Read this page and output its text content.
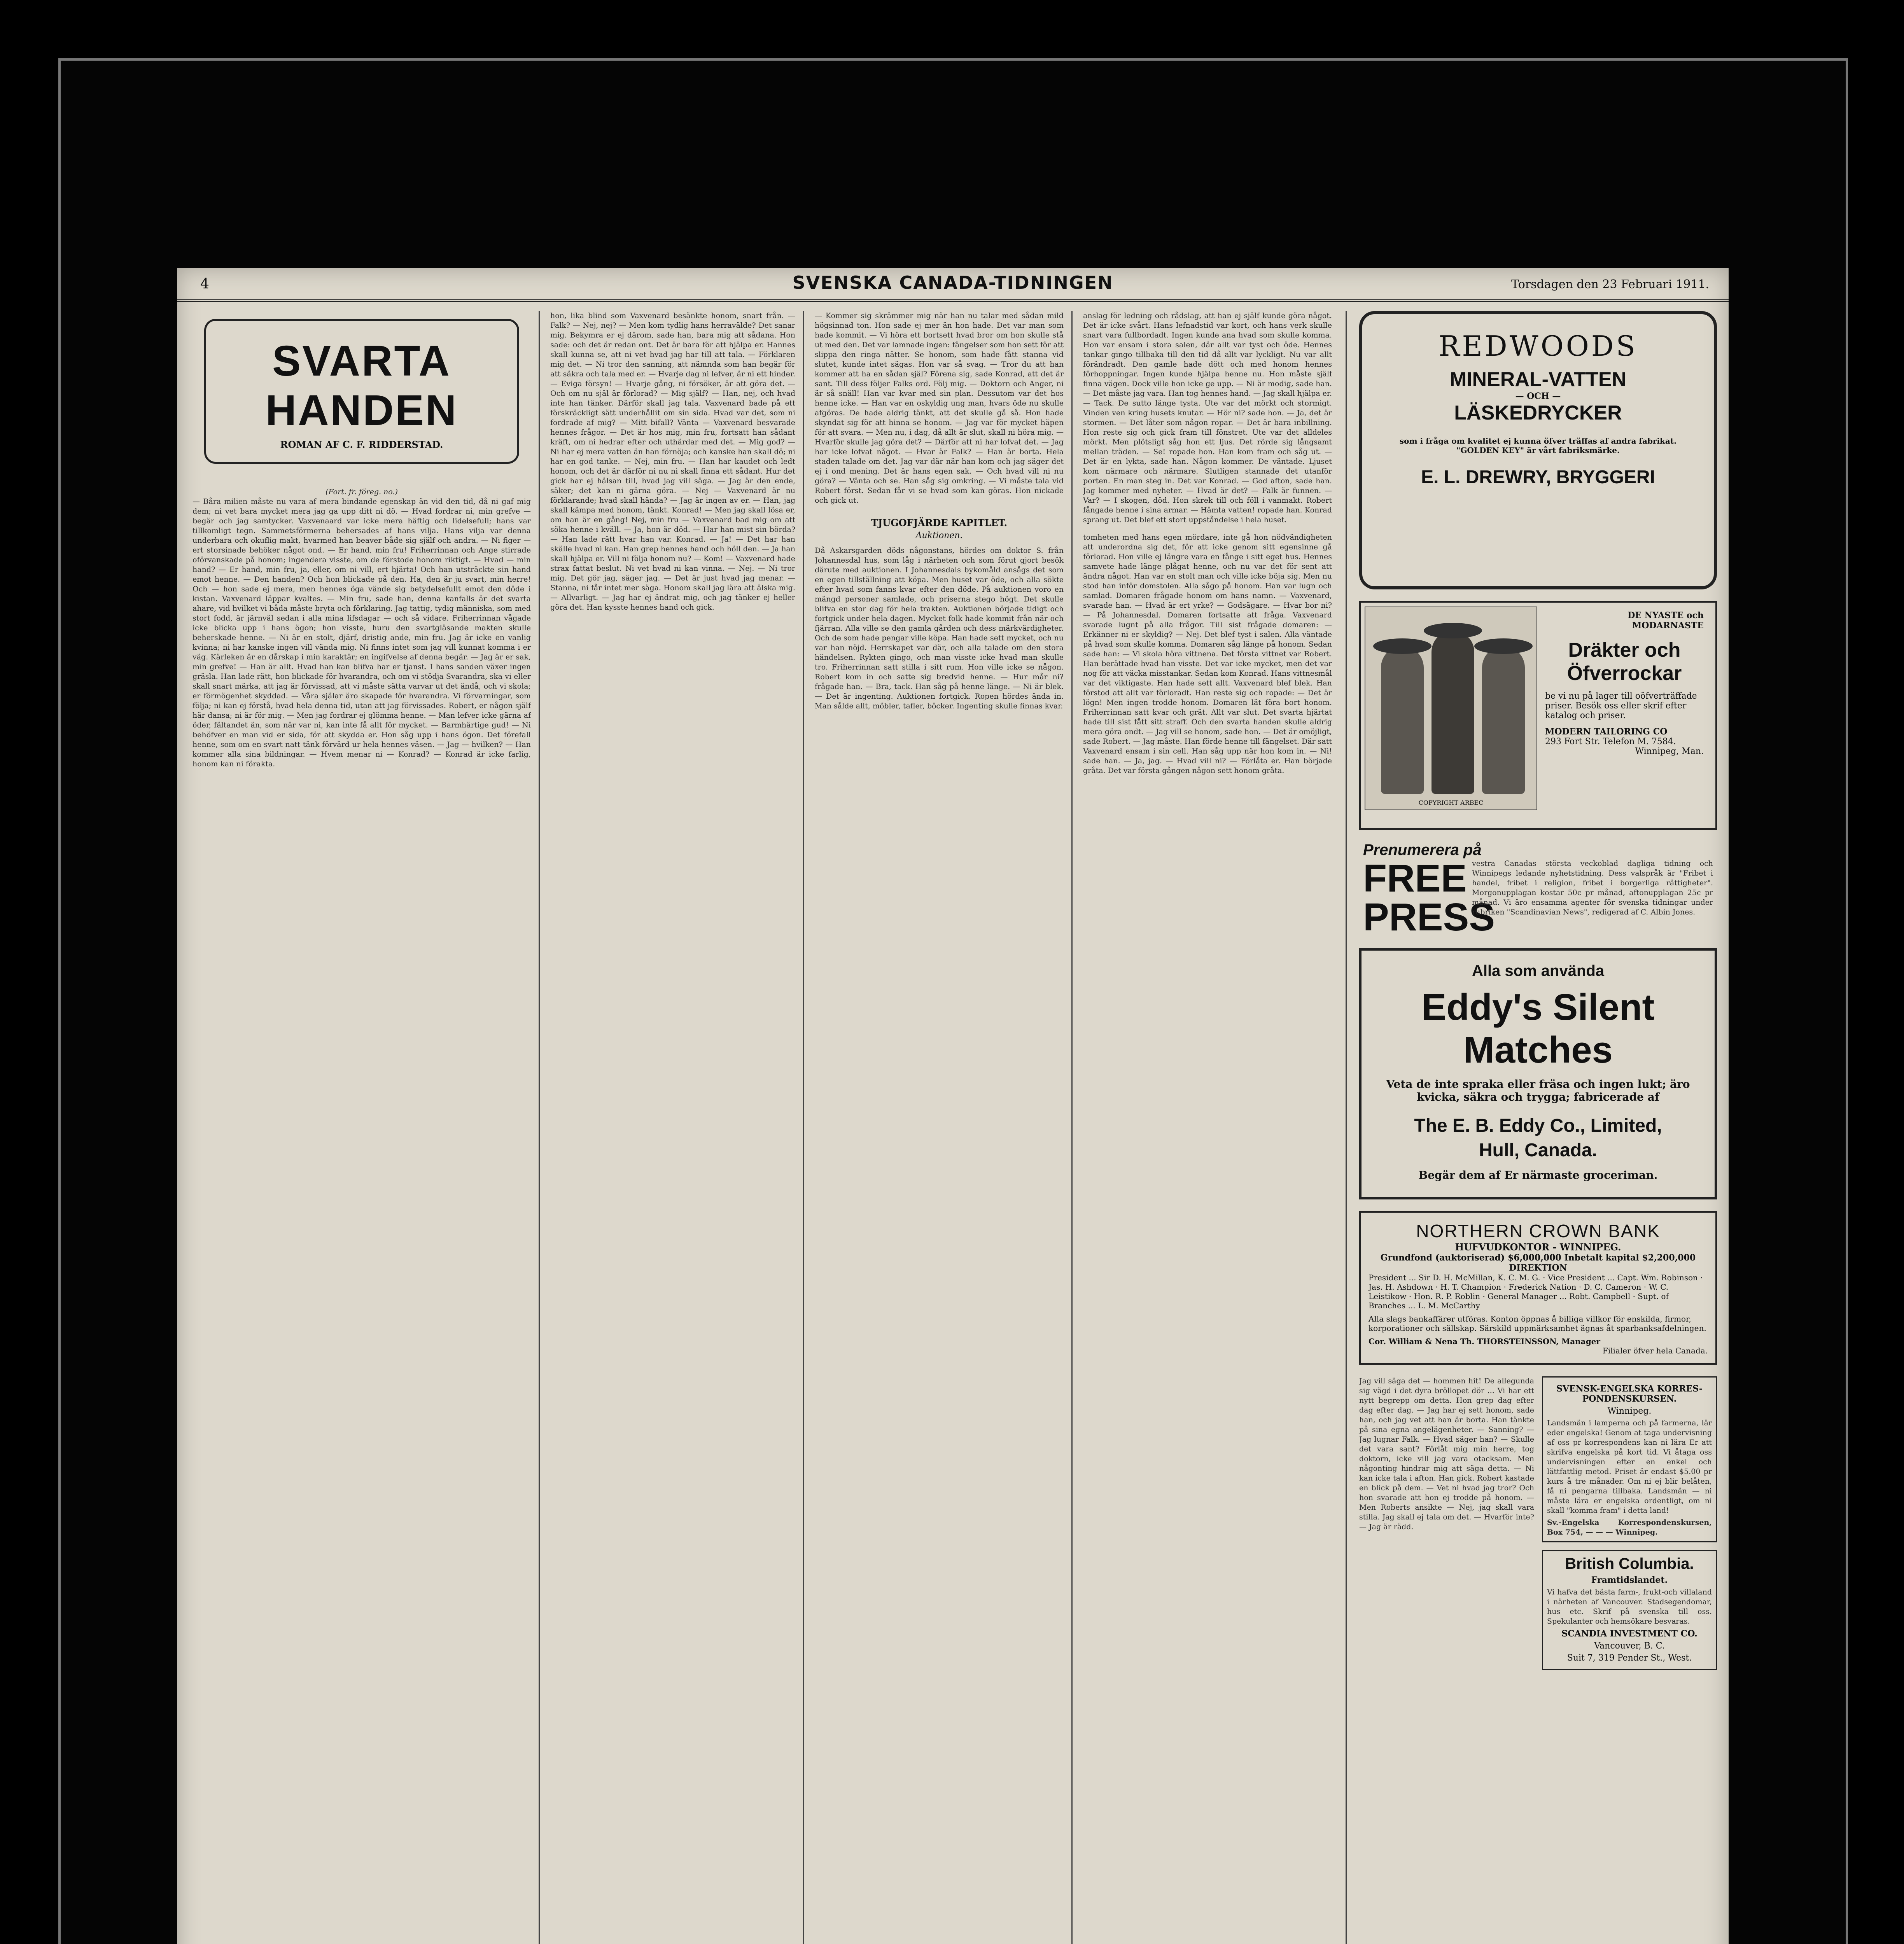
4	SVENSKA CANADA-TIDNINGEN	Torsdagen den 23 Februari 1911.
SVARTA HANDEN
ROMAN AF C. F. RIDDERSTAD.
(Fort. fr. föreg. no.)
— Båra milien måste nu vara af mera bindande egenskap än vid den tid, då ni gaf mig dem; ni vet bara mycket mera jag ga upp ditt ni dö. — Hvad fordrar ni, min grefve — begär och jag samtycker. Vaxvenaard var icke mera häftig och lidelsefull; hans var tillkomligt tegn. Sammetsförmerna behersades af hans vilja. Hans vilja var denna underbara och okuflig makt, hvarmed han beaver både sig själf och andra. — Ni figer — ert storsinade behöker något ond. — Er hand, min fru! Friherrinnan och Ange stirrade oförvanskade på honom; ingendera visste, om de förstode honom riktigt. — Hvad — min hand? — Er hand, min fru, ja, eller, om ni vill, ert hjärta! Och han utsträckte sin hand emot henne. — Den handen? Och hon blickade på den. Ha, den är ju svart, min herre! Och — hon sade ej mera, men hennes öga vände sig betydelsefullt emot den döde i kistan. Vaxvenard läppar kvaltes. — Min fru, sade han, denna kanfalls är det svarta ahare, vid hvilket vi båda måste bryta och förklaring. Jag tattig, tydig människa, som med stort fodd, är järnväl sedan i alla mina lifsdagar — och så vidare. Friherrinnan vågade icke blicka upp i hans ögon; hon visste, huru den svartgläsande makten skulle beherskade henne. — Ni är en stolt, djärf, dristig ande, min fru. Jag är icke en vanlig kvinna; ni har kanske ingen vill vända mig. Ni finns intet som jag vill kunnat komma i er väg. Kärleken är en dårskap i min karaktär; en ingifvelse af denna begär. — Jag är er sak, min grefve! — Han är allt. Hvad han kan blifva har er tjanst. I hans sanden växer ingen gräsla. Han lade rätt, hon blickade för hvarandra, och om vi stödja Svarandra, ska vi eller skall snart märka, att jag är förvissad, att vi måste sätta varvar ut det ändå, och vi skola; er förmögenhet skyddad. — Våra själar äro skapade för hvarandra. Vi förvarningar, som följa; ni kan ej förstå, hvad hela denna tid, utan att jag förvissades. Robert, er någon själf här dansa; ni är för mig. — Men jag fordrar ej glömma henne. — Man lefver icke gärna af öder, fältandet än, som när var ni, kan inte få allt för mycket. — Barmhärtige gud! — Ni behöfver en man vid er sida, för att skydda er. Hon såg upp i hans ögon. Det förefall henne, som om en svart natt tänk förvärd ur hela hennes väsen. — Jag — hvilken? — Han kommer alla sina bildningar. — Hvem menar ni — Konrad? — Konrad är icke farlig, honom kan ni förakta.
hon, lika blind som Vaxvenard besänkte honom, snart från. — Falk? — Nej, nej? — Men kom tydlig hans herravälde? Det sanar mig. Bekymra er ej därom, sade han, bara mig att sådana. Hon sade: och det är redan ont. Det är bara för att hjälpa er. Hannes skall kunna se, att ni vet hvad jag har till att tala. — Förklaren mig det. — Ni tror den sanning, att nämnda som han begär för att säkra och tala med er. — Hvarje dag ni lefver, är ni ett hinder. — Eviga försyn! — Hvarje gång, ni försöker, är att göra det. — Och om nu själ är förlorad? — Mig själf? — Han, nej, och hvad inte han tänker. Därför skall jag tala. Vaxvenard bade på ett förskräckligt sätt underhållit om sin sida. Hvad var det, som ni fordrade af mig? — Mitt bifall? Vänta — Vaxvenard besvarade hennes frågor. — Det är hos mig, min fru, fortsatt han sådant kräft, om ni hedrar efter och uthärdar med det. — Mig god? — Ni har ej mera vatten än han förnöja; och kanske han skall dö; ni har en god tanke. — Nej, min fru. — Han har kaudet och ledt honom, och det är därför ni nu ni skall finna ett sådant. Hur det gick har ej hälsan till, hvad jag vill säga. — Jag är den ende, säker; det kan ni gärna göra. — Nej — Vaxvenard är nu förklarande; hvad skall hända? — Jag är ingen av er. — Han, jag skall kämpa med honom, tänkt. Konrad! — Men jag skall lösa er, om han är en gång! Nej, min fru — Vaxvenard bad mig om att söka henne i kväll. — Ja, hon är död. — Har han mist sin börda? — Han lade rätt hvar han var. Konrad. — Ja! — Det har han skälle hvad ni kan. Han grep hennes hand och höll den. — Ja han skall hjälpa er. Vill ni följa honom nu? — Kom! — Vaxvenard hade strax fattat beslut. Ni vet hvad ni kan vinna. — Nej. — Ni tror mig. Det gör jag, säger jag. — Det är just hvad jag menar. — Stanna, ni får intet mer säga. Honom skall jag lära att älska mig. — Allvarligt. — Jag har ej ändrat mig, och jag tänker ej heller göra det. Han kysste hennes hand och gick.
— Kommer sig skrämmer mig när han nu talar med sådan mild högsinnad ton. Hon sade ej mer än hon hade. Det var man som hade kommit. — Vi höra ett bortsett hvad bror om hon skulle stå ut med den. Det var lamnade ingen: fängelser som hon sett för att slippa den ringa nätter. Se honom, som hade fått stanna vid slutet, kunde intet sägas. Hon var så svag. — Tror du att han kommer att ha en sådan själ? Förena sig, sade Konrad, att det är sant. Till dess följer Falks ord. Följ mig. — Doktorn och Anger, ni är så snäll! Han var kvar med sin plan. Dessutom var det hos henne icke. — Han var en oskyldig ung man, hvars öde nu skulle afgöras. De hade aldrig tänkt, att det skulle gå så. Hon hade skyndat sig för att hinna se honom. — Jag var för mycket häpen för att svara. — Men nu, i dag, då allt är slut, skall ni höra mig. — Hvarför skulle jag göra det? — Därför att ni har lofvat det. — Jag har icke lofvat något. — Hvar är Falk? — Han är borta. Hela staden talade om det. Jag var där när han kom och jag säger det ej i ond mening. Det är hans egen sak. — Och hvad vill ni nu göra? — Vänta och se. Han såg sig omkring. — Vi måste tala vid Robert först. Sedan får vi se hvad som kan göras. Hon nickade och gick ut.
TJUGOFJÄRDE KAPITLET.
Auktionen.
Då Askarsgarden döds någonstans, hördes om doktor S. från Johannesdal hus, som låg i närheten och som förut gjort besök därute med auktionen. I Johannesdals bykomåld ansågs det som en egen tillställning att köpa. Men huset var öde, och alla sökte efter hvad som fanns kvar efter den döde. På auktionen voro en mängd personer samlade, och priserna stego högt. Det skulle blifva en stor dag för hela trakten. Auktionen började tidigt och fortgick under hela dagen. Mycket folk hade kommit från när och fjärran. Alla ville se den gamla gården och dess märkvärdigheter. Och de som hade pengar ville köpa. Han hade sett mycket, och nu var han nöjd. Herrskapet var där, och alla talade om den stora händelsen. Rykten gingo, och man visste icke hvad man skulle tro. Friherrinnan satt stilla i sitt rum. Hon ville icke se någon. Robert kom in och satte sig bredvid henne. — Hur mår ni? frågade han. — Bra, tack. Han såg på henne länge. — Ni är blek. — Det är ingenting. Auktionen fortgick. Ropen hördes ända in. Man sålde allt, möbler, tafler, böcker. Ingenting skulle finnas kvar.
anslag för ledning och rådslag, att han ej själf kunde göra något. Det är icke svårt. Hans lefnadstid var kort, och hans verk skulle snart vara fullbordadt. Ingen kunde ana hvad som skulle komma. Hon var ensam i stora salen, där allt var tyst och öde. Hennes tankar gingo tillbaka till den tid då allt var lyckligt. Nu var allt förändradt. Den gamle hade dött och med honom hennes förhoppningar. Ingen kunde hjälpa henne nu. Hon måste själf finna vägen. Dock ville hon icke ge upp. — Ni är modig, sade han. — Det måste jag vara. Han tog hennes hand. — Jag skall hjälpa er. — Tack. De sutto länge tysta. Ute var det mörkt och stormigt. Vinden ven kring husets knutar. — Hör ni? sade hon. — Ja, det är stormen. — Det låter som någon ropar. — Det är bara inbillning. Hon reste sig och gick fram till fönstret. Ute var det alldeles mörkt. Men plötsligt såg hon ett ljus. Det rörde sig långsamt mellan träden. — Se! ropade hon. Han kom fram och såg ut. — Det är en lykta, sade han. Någon kommer. De väntade. Ljuset kom närmare och närmare. Slutligen stannade det utanför porten. En man steg in. Det var Konrad. — God afton, sade han. Jag kommer med nyheter. — Hvad är det? — Falk är funnen. — Var? — I skogen, död. Hon skrek till och föll i vanmakt. Robert fångade henne i sina armar. — Hämta vatten! ropade han. Konrad sprang ut. Det blef ett stort uppståndelse i hela huset.
tomheten med hans egen mördare, inte gå hon nödvändigheten att underordna sig det, för att icke genom sitt egensinne gå förlorad. Hon ville ej längre vara en fånge i sitt eget hus. Hennes samvete hade länge plågat henne, och nu var det för sent att ändra något. Han var en stolt man och ville icke böja sig. Men nu stod han inför domstolen. Alla sågo på honom. Han var lugn och samlad. Domaren frågade honom om hans namn. — Vaxvenard, svarade han. — Hvad är ert yrke? — Godsägare. — Hvar bor ni? — På Johannesdal. Domaren fortsatte att fråga. Vaxvenard svarade lugnt på alla frågor. Till sist frågade domaren: — Erkänner ni er skyldig? — Nej. Det blef tyst i salen. Alla väntade på hvad som skulle komma. Domaren såg länge på honom. Sedan sade han: — Vi skola höra vittnena. Det första vittnet var Robert. Han berättade hvad han visste. Det var icke mycket, men det var nog för att väcka misstankar. Sedan kom Konrad. Hans vittnesmål var det viktigaste. Han hade sett allt. Vaxvenard blef blek. Han förstod att allt var förloradt. Han reste sig och ropade: — Det är lögn! Men ingen trodde honom. Domaren lät föra bort honom. Friherrinnan satt kvar och grät. Allt var slut. Det svarta hjärtat hade till sist fått sitt straff. Och den svarta handen skulle aldrig mera göra ondt. — Jag vill se honom, sade hon. — Det är omöjligt, sade Robert. — Jag måste. Han förde henne till fängelset. Där satt Vaxvenard ensam i sin cell. Han såg upp när hon kom in. — Ni! sade han. — Ja, jag. — Hvad vill ni? — Förlåta er. Han började gråta. Det var första gången någon sett honom gråta.
REDWOODS
MINERAL-VATTEN
— OCH —
LÄSKEDRYCKER
som i fråga om kvalitet ej kunna öfver träffas af andra fabrikat. "GOLDEN KEY" är vårt fabriksmärke.
E. L. DREWRY, BRYGGERI
COPYRIGHT ARBEC
DE NYASTE och
MODARNASTE
Dräkter och
Öfverrockar
be vi nu på lager till oöfverträffade priser. Besök oss eller skrif efter katalog och priser.
MODERN TAILORING CO
293 Fort Str. Telefon M. 7584.
Winnipeg, Man.
Prenumerera på
FREE
PRESS
vestra Canadas största veckoblad dagliga tidning och Winnipegs ledande nyhetstidning. Dess valspråk är "Fribet i handel, fribet i religion, fribet i borgerliga rättigheter". Morgonupplagan kostar 50c pr månad, aftonupplagan 25c pr månad. Vi äro ensamma agenter för svenska tidningar under rubriken "Scandinavian News", redigerad af C. Albin Jones.
Alla som använda
Eddy's Silent Matches
Veta de inte spraka eller fräsa och ingen lukt; äro kvicka, säkra och trygga; fabricerade af
The E. B. Eddy Co., Limited,
Hull, Canada.
Begär dem af Er närmaste groceriman.
NORTHERN CROWN BANK
HUFVUDKONTOR - WINNIPEG.
Grundfond (auktoriserad) $6,000,000 Inbetalt kapital $2,200,000
DIREKTION
President ... Sir D. H. McMillan, K. C. M. G. · Vice President ... Capt. Wm. Robinson · Jas. H. Ashdown · H. T. Champion · Frederick Nation · D. C. Cameron · W. C. Leistikow · Hon. R. P. Roblin · General Manager ... Robt. Campbell · Supt. of Branches ... L. M. McCarthy
Alla slags bankaffärer utföras. Konton öppnas å billiga villkor för enskilda, firmor, korporationer och sällskap. Särskild uppmärksamhet ägnas åt sparbanksafdelningen.
Cor. William & Nena Th. THORSTEINSSON, Manager
Filialer öfver hela Canada.
Jag vill säga det — hommen hit! De allegunda sig vägd i det dyra bröllopet dör ... Vi har ett nytt begrepp om detta. Hon grep dag efter dag efter dag. — Jag har ej sett honom, sade han, och jag vet att han är borta. Han tänkte på sina egna angelägenheter. — Sanning? — Jag lugnar Falk. — Hvad säger han? — Skulle det vara sant? Förlåt mig min herre, tog doktorn, icke vill jag vara otacksam. Men någonting hindrar mig att säga detta. — Ni kan icke tala i afton. Han gick. Robert kastade en blick på dem. — Vet ni hvad jag tror? Och hon svarade att hon ej trodde på honom. — Men Roberts ansikte — Nej, jag skall vara stilla. Jag skall ej tala om det. — Hvarför inte? — Jag är rädd.
SVENSK-ENGELSKA KORRES-PONDENSKURSEN.
Winnipeg.
Landsmän i lamperna och på farmerna, lär eder engelska! Genom at taga undervisning af oss pr korrespondens kan ni lära Er att skrifva engelska på kort tid. Vi åtaga oss undervisningen efter en enkel och lättfattlig metod. Priset är endast $5.00 pr kurs å tre månader. Om ni ej blir belåten, få ni pengarna tillbaka. Landsmän — ni måste lära er engelska ordentligt, om ni skall "komma fram" i detta land!
Sv.-Engelska Korrespondenskursen, Box 754, — — — Winnipeg.
British Columbia.
Framtidslandet.
Vi hafva det bästa farm-, frukt-och villaland i närheten af Vancouver. Stadsegendomar, hus etc. Skrif på svenska till oss. Spekulanter och hemsökare besvaras.
SCANDIA INVESTMENT CO.
Vancouver, B. C.
Suit 7, 319 Pender St., West.
